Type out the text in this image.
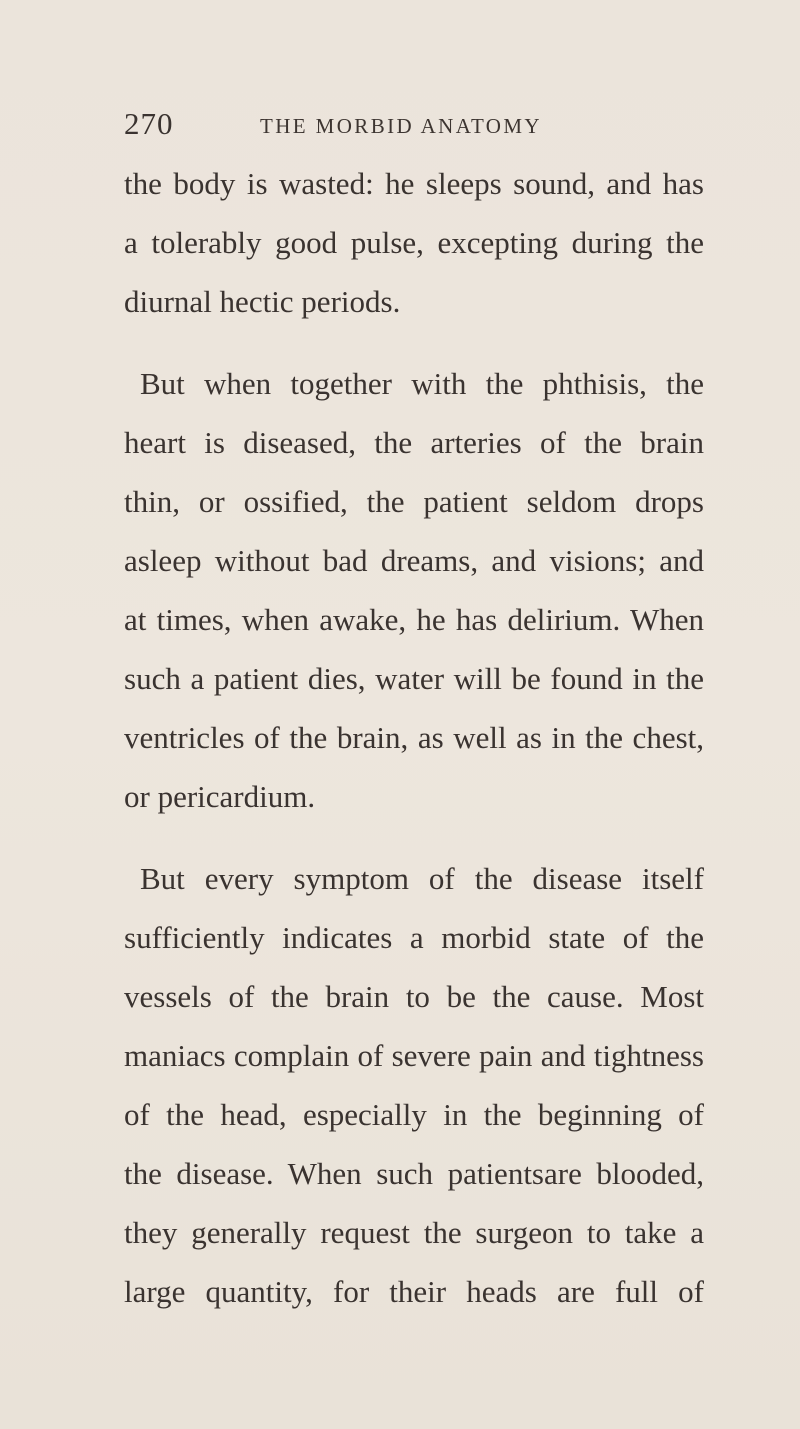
270	THE MORBID ANATOMY
the body is wasted: he sleeps sound, and has
a tolerably good pulse, excepting during the
diurnal hectic periods.
But when together with the phthisis, the
heart is diseased, the arteries of the brain
thin, or ossified, the patient seldom drops
asleep without bad dreams, and visions; and
at times, when awake, he has delirium. When
such a patient dies, water will be found in the
ventricles of the brain, as well as in the chest,
or pericardium.
But every symptom of the disease itself
sufficiently indicates a morbid state of the
vessels of the brain to be the cause. Most
maniacs complain of severe pain and tightness
of the head, especially in the beginning of
the disease. When such patientsare blooded,
they generally request the surgeon to take a
large quantity, for their heads are full of
